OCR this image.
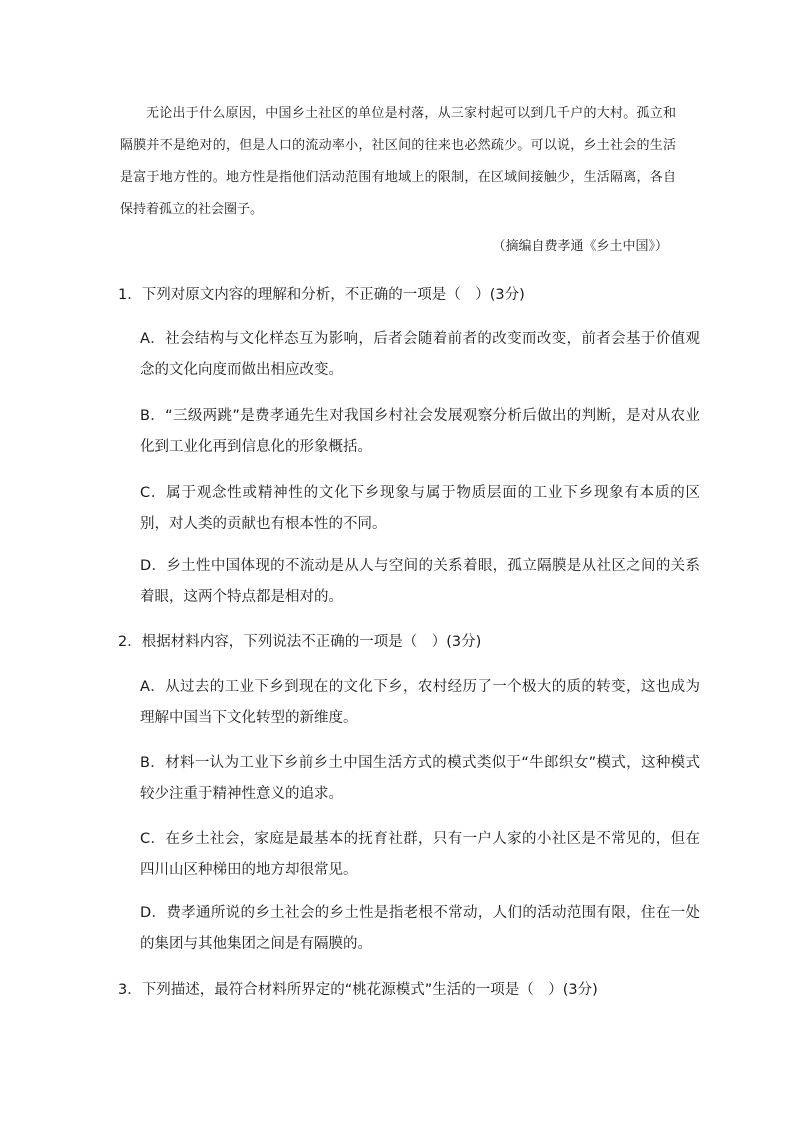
无论出于什么原因，中国乡土社区的单位是村落，从三家村起可以到几千户的大村。孤立和隔膜并不是绝对的，但是人口的流动率小，社区间的往来也必然疏少。可以说，乡土社会的生活是富于地方性的。地方性是指他们活动范围有地域上的限制，在区域间接触少，生活隔离，各自保持着孤立的社会圈子。

（摘编自费孝通《乡土中国》）
1．下列对原文内容的理解和分析，不正确的一项是（　）(3分)
A．社会结构与文化样态互为影响，后者会随着前者的改变而改变，前者会基于价值观念的文化向度而做出相应改变。
B．“三级两跳”是费孝通先生对我国乡村社会发展观察分析后做出的判断，是对从农业化到工业化再到信息化的形象概括。
C．属于观念性或精神性的文化下乡现象与属于物质层面的工业下乡现象有本质的区别，对人类的贡献也有根本性的不同。
D．乡土性中国体现的不流动是从人与空间的关系着眼，孤立隔膜是从社区之间的关系着眼，这两个特点都是相对的。
2．根据材料内容，下列说法不正确的一项是（　）(3分)
A．从过去的工业下乡到现在的文化下乡，农村经历了一个极大的质的转变，这也成为理解中国当下文化转型的新维度。
B．材料一认为工业下乡前乡土中国生活方式的模式类似于“牛郎织女”模式，这种模式较少注重于精神性意义的追求。
C．在乡土社会，家庭是最基本的抚育社群，只有一户人家的小社区是不常见的，但在四川山区种梯田的地方却很常见。
D．费孝通所说的乡土社会的乡土性是指老根不常动，人们的活动范围有限，住在一处的集团与其他集团之间是有隔膜的。
3．下列描述，最符合材料所界定的“桃花源模式”生活的一项是（　）(3分)
